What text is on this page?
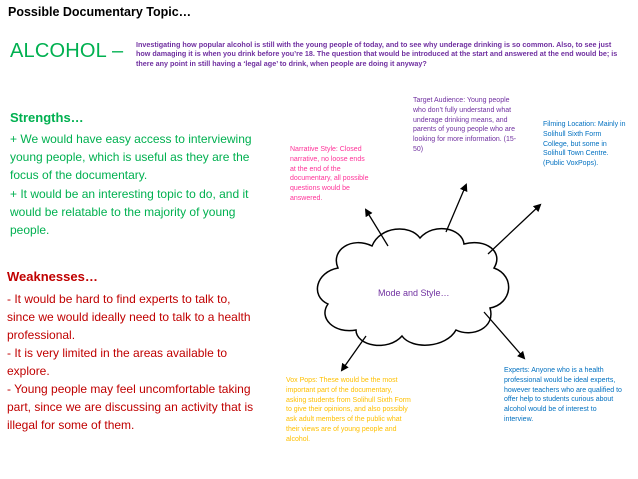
Possible Documentary Topic…
ALCOHOL – Investigating how popular alcohol is still with the young people of today, and to see why underage drinking is so common. Also, to see just how damaging it is when you drink before you’re 18. The question that would be introduced at the start and answered at the end would be; is there any point in still having a ‘legal age’ to drink, when people are doing it anyway?
Strengths…

+ We would have easy access to interviewing young people, which is useful as they are the focus of the documentary.

+ It would be an interesting topic to do, and it would be relatable to the majority of young people.

Weaknesses…

- It would be hard to find experts to talk to, since we would ideally need to talk to a health professional.

- It is very limited in the areas available to explore.

- Young people may feel uncomfortable taking part, since we are discussing an activity that is illegal for some of them.

Mode and Style…
Narrative Style: Closed narrative, no loose ends at the end of the documentary, all possible questions would be answered.
Target Audience: Young people who don’t fully understand what underage drinking means, and parents of young people who are looking for more information. (15-50)
Filming Location: Mainly in Solihull Sixth Form College, but some in Solihull Town Centre. (Public VoxPops).
Vox Pops: These would be the most important part of the documentary, asking students from Solihull Sixth Form to give their opinions, and also possibly ask adult members of the public what their views are of young people and alcohol.
Experts: Anyone who is a health professional would be ideal experts, however teachers who are qualified to offer help to students curious about alcohol would be of interest to interview.
